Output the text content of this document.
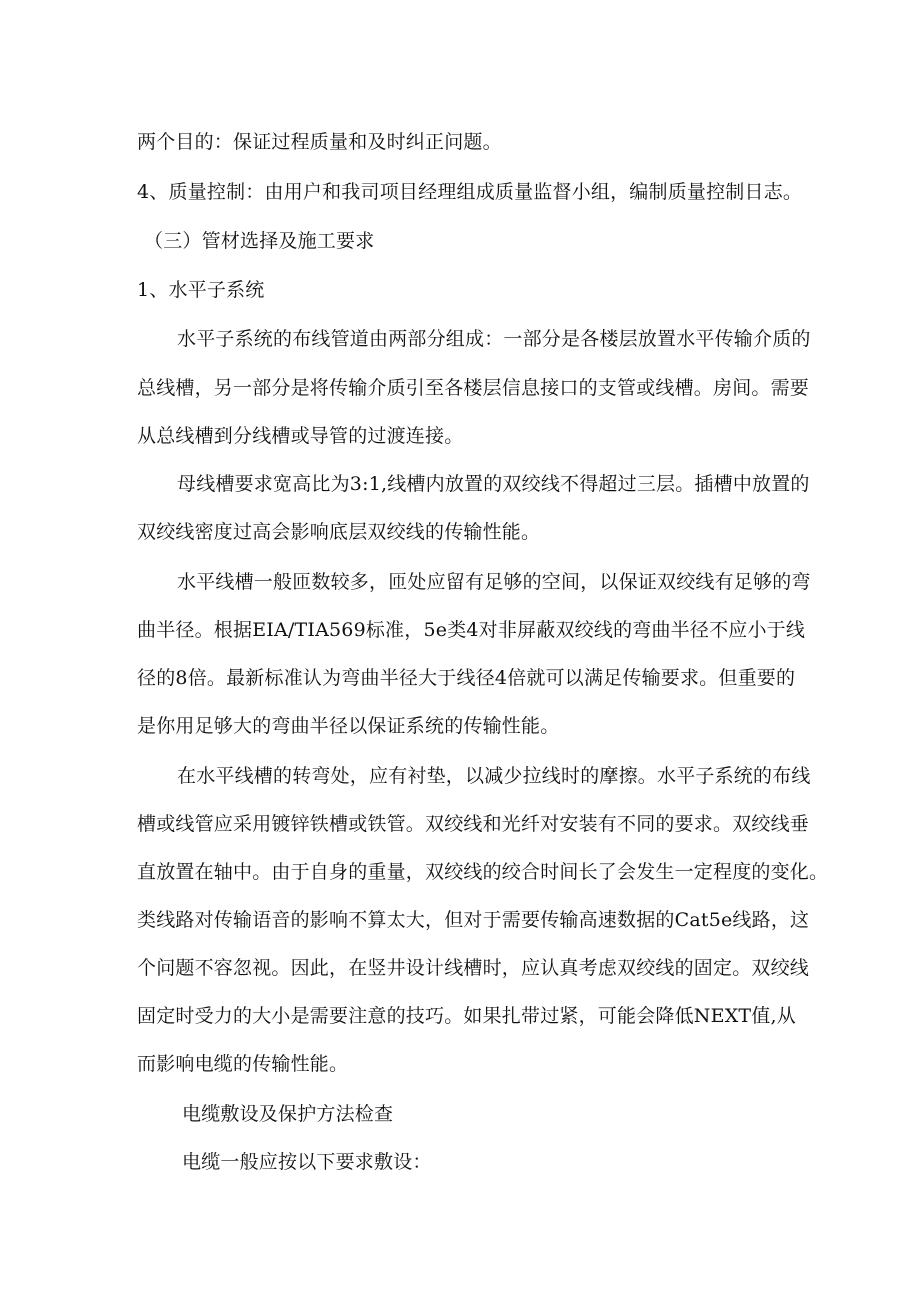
两个目的：保证过程质量和及时纠正问题。
4、质量控制：由用户和我司项目经理组成质量监督小组，编制质量控制日志。
（三）管材选择及施工要求
1、水平子系统
水平子系统的布线管道由两部分组成：一部分是各楼层放置水平传输介质的
总线槽，另一部分是将传输介质引至各楼层信息接口的支管或线槽。房间。需要
从总线槽到分线槽或导管的过渡连接。
母线槽要求宽高比为3:1,线槽内放置的双绞线不得超过三层。插槽中放置的
双绞线密度过高会影响底层双绞线的传输性能。
水平线槽一般匝数较多，匝处应留有足够的空间，以保证双绞线有足够的弯
曲半径。根据EIA/TIA569标准，5e类4对非屏蔽双绞线的弯曲半径不应小于线
径的8倍。最新标准认为弯曲半径大于线径4倍就可以满足传输要求。但重要的
是你用足够大的弯曲半径以保证系统的传输性能。
在水平线槽的转弯处，应有衬垫，以减少拉线时的摩擦。水平子系统的布线
槽或线管应采用镀锌铁槽或铁管。双绞线和光纤对安装有不同的要求。双绞线垂
直放置在轴中。由于自身的重量，双绞线的绞合时间长了会发生一定程度的变化。
类线路对传输语音的影响不算太大，但对于需要传输高速数据的Cat5e线路，这
个问题不容忽视。因此，在竖井设计线槽时，应认真考虑双绞线的固定。双绞线
固定时受力的大小是需要注意的技巧。如果扎带过紧，可能会降低NEXT值,从
而影响电缆的传输性能。
电缆敷设及保护方法检查
电缆一般应按以下要求敷设：
